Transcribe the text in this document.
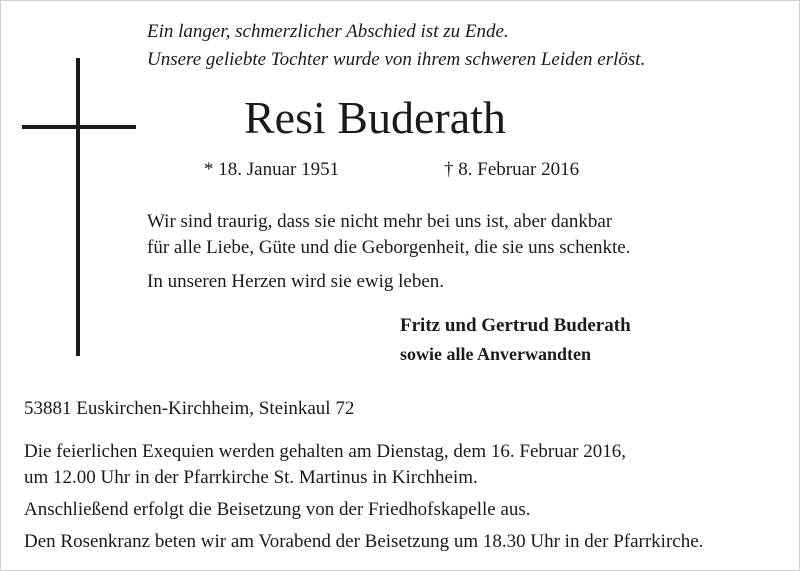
Ein langer, schmerzlicher Abschied ist zu Ende.
Unsere geliebte Tochter wurde von ihrem schweren Leiden erlöst.
Resi Buderath
* 18. Januar 1951	† 8. Februar 2016
Wir sind traurig, dass sie nicht mehr bei uns ist, aber dankbar
für alle Liebe, Güte und die Geborgenheit, die sie uns schenkte.
In unseren Herzen wird sie ewig leben.
Fritz und Gertrud Buderath
sowie alle Anverwandten
53881 Euskirchen-Kirchheim, Steinkaul 72
Die feierlichen Exequien werden gehalten am Dienstag, dem 16. Februar 2016,
um 12.00 Uhr in der Pfarrkirche St. Martinus in Kirchheim.
Anschließend erfolgt die Beisetzung von der Friedhofskapelle aus.
Den Rosenkranz beten wir am Vorabend der Beisetzung um 18.30 Uhr in der Pfarrkirche.
